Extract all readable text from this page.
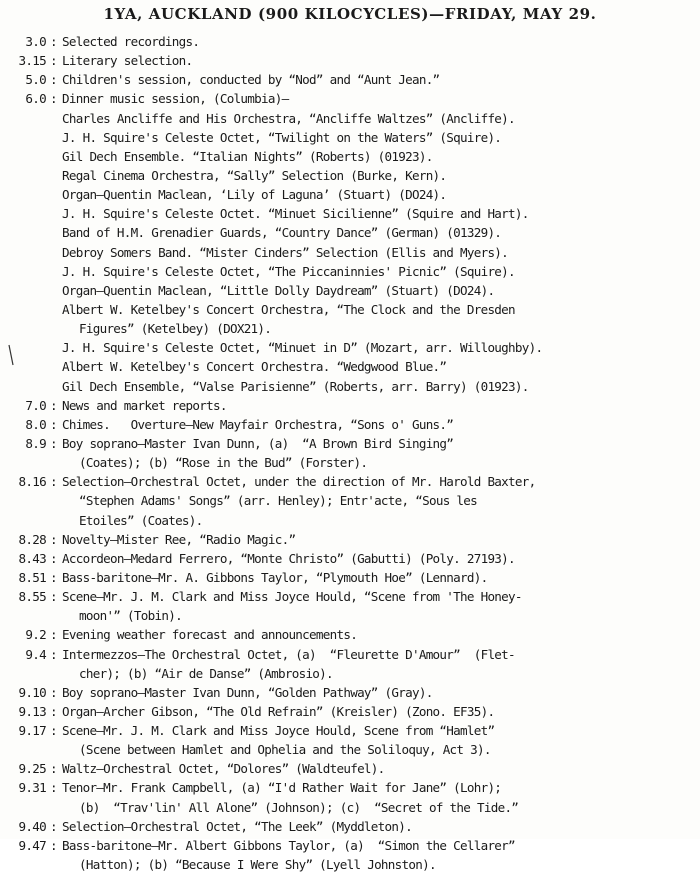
1YA, AUCKLAND (900 KILOCYCLES)—FRIDAY, MAY 29.
3.0 : Selected recordings.
3.15 : Literary selection.
5.0 : Children's session, conducted by “Nod” and “Aunt Jean.”
6.0 : Dinner music session, (Columbia)—
Charles Ancliffe and His Orchestra, “Ancliffe Waltzes” (Ancliffe).
J. H. Squire's Celeste Octet, “Twilight on the Waters” (Squire).
Gil Dech Ensemble. “Italian Nights” (Roberts) (01923).
Regal Cinema Orchestra, “Sally” Selection (Burke, Kern).
Organ—Quentin Maclean, ‘Lily of Laguna’ (Stuart) (DO24).
J. H. Squire's Celeste Octet. “Minuet Sicilienne” (Squire and Hart).
Band of H.M. Grenadier Guards, “Country Dance” (German) (01329).
Debroy Somers Band. “Mister Cinders” Selection (Ellis and Myers).
J. H. Squire's Celeste Octet, “The Piccaninnies' Picnic” (Squire).
Organ—Quentin Maclean, “Little Dolly Daydream” (Stuart) (DO24).
Albert W. Ketelbey's Concert Orchestra, “The Clock and the Dresden
Figures” (Ketelbey) (DOX21).
J. H. Squire's Celeste Octet, “Minuet in D” (Mozart, arr. Willoughby).
Albert W. Ketelbey's Concert Orchestra. “Wedgwood Blue.”
Gil Dech Ensemble, “Valse Parisienne” (Roberts, arr. Barry) (01923).
7.0 : News and market reports.
8.0 : Chimes.   Overture—New Mayfair Orchestra, “Sons o' Guns.”
8.9 : Boy soprano—Master Ivan Dunn, (a)  “A Brown Bird Singing”
(Coates); (b) “Rose in the Bud” (Forster).
8.16 : Selection—Orchestral Octet, under the direction of Mr. Harold Baxter,
“Stephen Adams' Songs” (arr. Henley); Entr'acte, “Sous les
Etoiles” (Coates).
8.28 : Novelty—Mister Ree, “Radio Magic.”
8.43 : Accordeon—Medard Ferrero, “Monte Christo” (Gabutti) (Poly. 27193).
8.51 : Bass-baritone—Mr. A. Gibbons Taylor, “Plymouth Hoe” (Lennard).
8.55 : Scene—Mr. J. M. Clark and Miss Joyce Hould, “Scene from 'The Honey-
moon'” (Tobin).
9.2 : Evening weather forecast and announcements.
9.4 : Intermezzos—The Orchestral Octet, (a)  “Fleurette D'Amour”  (Flet-
cher); (b) “Air de Danse” (Ambrosio).
9.10 : Boy soprano—Master Ivan Dunn, “Golden Pathway” (Gray).
9.13 : Organ—Archer Gibson, “The Old Refrain” (Kreisler) (Zono. EF35).
9.17 : Scene—Mr. J. M. Clark and Miss Joyce Hould, Scene from “Hamlet”
(Scene between Hamlet and Ophelia and the Soliloquy, Act 3).
9.25 : Waltz—Orchestral Octet, “Dolores” (Waldteufel).
9.31 : Tenor—Mr. Frank Campbell, (a) “I'd Rather Wait for Jane” (Lohr);
(b)  “Trav'lin' All Alone” (Johnson); (c)  “Secret of the Tide.”
9.40 : Selection—Orchestral Octet, “The Leek” (Myddleton).
9.47 : Bass-baritone—Mr. Albert Gibbons Taylor, (a)  “Simon the Cellarer”
(Hatton); (b) “Because I Were Shy” (Lyell Johnston).
